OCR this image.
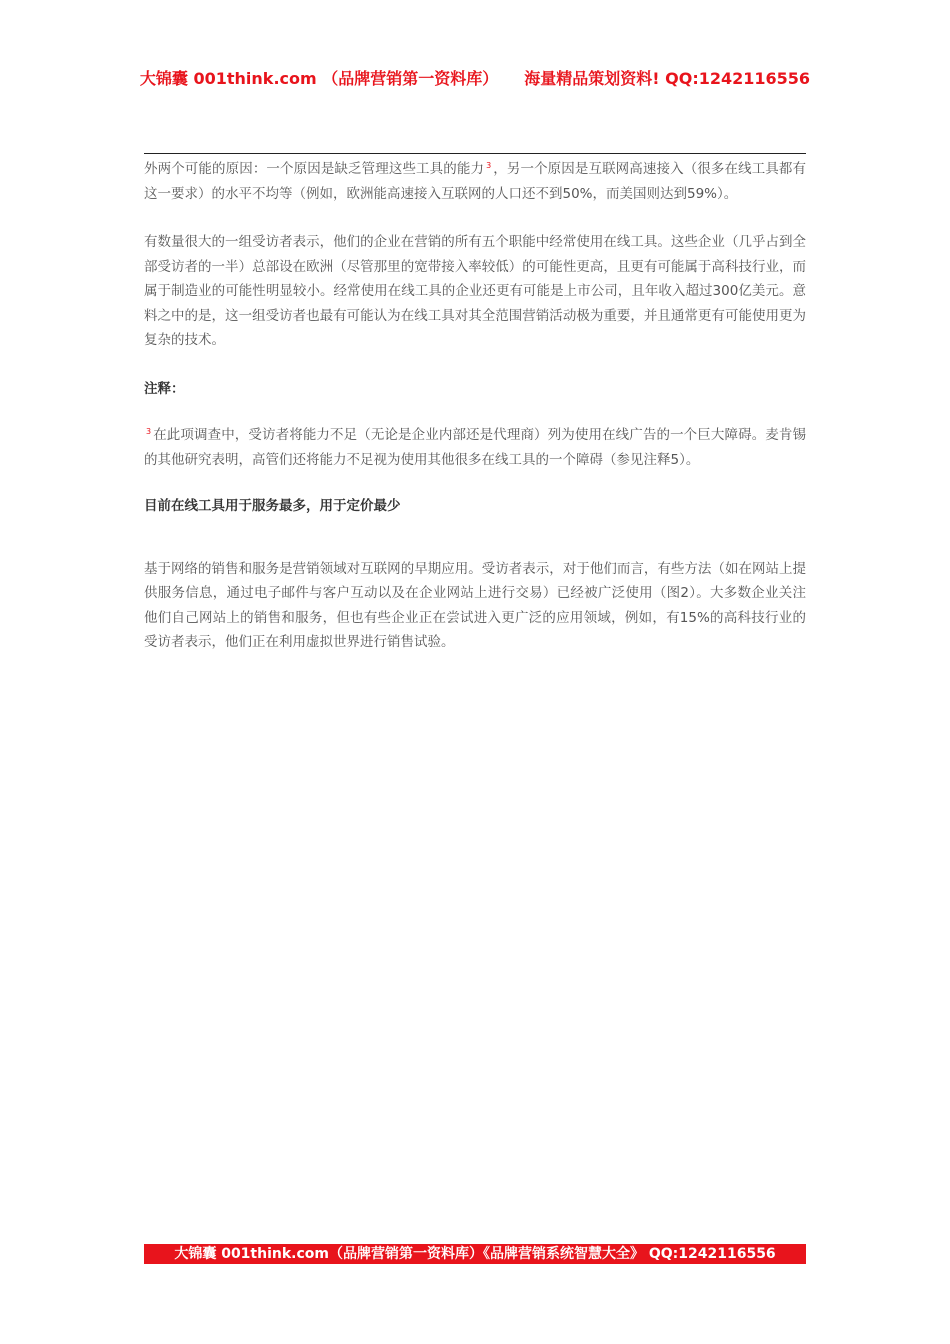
大锦囊 001think.com （品牌营销第一资料库） 海量精品策划资料! QQ:1242116556

外两个可能的原因：一个原因是缺乏管理这些工具的能力 $^3$ ，另一个原因是互联网高速接入（很多在线工具都有这一要求）的水平不均等（例如，欧洲能高速接入互联网的人口还不到50%，而美国则达到59%）。

有数量很大的一组受访者表示，他们的企业在营销的所有五个职能中经常使用在线工具。这些企业（几乎占到全部受访者的一半）总部设在欧洲（尽管那里的宽带接入率较低）的可能性更高，且更有可能属于高科技行业，而属于制造业的可能性明显较小。经常使用在线工具的企业还更有可能是上市公司，且年收入超过300亿美元。意料之中的是，这一组受访者也最有可能认为在线工具对其全范围营销活动极为重要，并且通常更有可能使用更为复杂的技术。

注释：

$^3$ 在此项调查中，受访者将能力不足（无论是企业内部还是代理商）列为使用在线广告的一个巨大障碍。麦肯锡的其他研究表明，高管们还将能力不足视为使用其他很多在线工具的一个障碍（参见注释5）。

目前在线工具用于服务最多，用于定价最少

基于网络的销售和服务是营销领域对互联网的早期应用。受访者表示，对于他们而言，有些方法（如在网站上提供服务信息，通过电子邮件与客户互动以及在企业网站上进行交易）已经被广泛使用（图2）。大多数企业关注他们自己网站上的销售和服务，但也有些企业正在尝试进入更广泛的应用领域，例如，有15%的高科技行业的受访者表示，他们正在利用虚拟世界进行销售试验。

大锦囊 001think.com（品牌营销第一资料库）《品牌营销系统智慧大全》 QQ:1242116556
